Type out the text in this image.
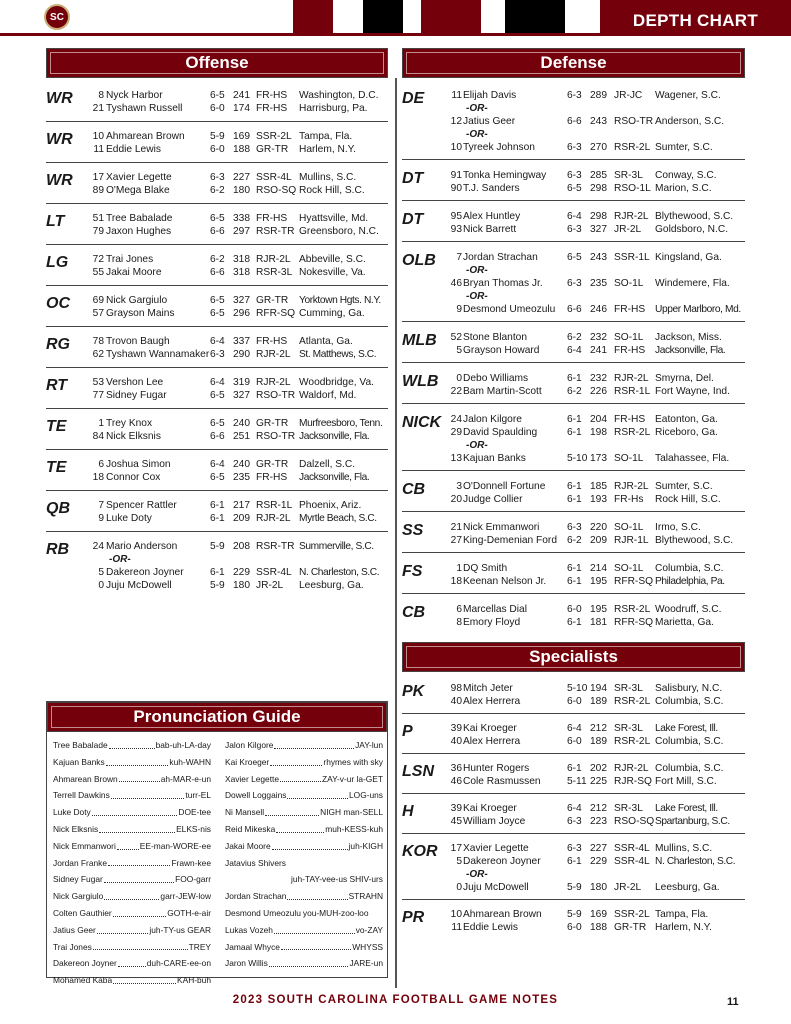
SC	DEPTH CHART
Offense	Defense
Specialists
WR	8 Nyck Harbor	6-5 241 FR-HS Washington, D.C.
21 Tyshawn Russell	6-0 174 FR-HS Harrisburg, Pa.
WR	10 Ahmarean Brown 5-9 169 SSR-2L Tampa, Fla.
11 Eddie Lewis	6-0 188 GR-TR Harlem, N.Y.
WR	17 Xavier Legette	6-3 227 SSR-4L Mullins, S.C.
89 O'Mega Blake	6-2 180 RSO-SQ Rock Hill, S.C.
LT	51 Tree Babalade	6-5 338 FR-HS Hyattsville, Md.
79 Jaxon Hughes	6-6 297 RSR-TR Greensboro, N.C.
LG	72 Trai Jones	6-2 318 RJR-2L Abbeville, S.C.
55 Jakai Moore	6-6 318 RSR-3L Nokesville, Va.
OC	69 Nick Gargiulo	6-5 327 GR-TR Yorktown Hgts. N.Y.
57 Grayson Mains	6-5 296 RFR-SQ Cumming, Ga.
RG	78 Trovon Baugh	6-4 337 FR-HS Atlanta, Ga.
62 Tyshawn Wannamaker 6-3 290 RJR-2L St. Matthews, S.C.
RT	53 Vershon Lee	6-4 319 RJR-2L Woodbridge, Va.
77 Sidney Fugar	6-5 327 RSO-TR Waldorf, Md.
TE	1 Trey Knox	6-5 240 GR-TR Murfreesboro, Tenn.
84 Nick Elksnis	6-6 251 RSO-TR Jacksonville, Fla.
TE	6 Joshua Simon	6-4 240 GR-TR Dalzell, S.C.
18 Connor Cox	6-5 235 FR-HS Jacksonville, Fla.
QB	7 Spencer Rattler	6-1 217 RSR-1L Phoenix, Ariz.
9 Luke Doty	6-1 209 RJR-2L Myrtle Beach, S.C.
RB	24 Mario Anderson	5-9 208 RSR-TR Summerville, S.C.
-OR-
5 Dakereon Joyner	6-1 229 SSR-4L N. Charleston, S.C.
0 Juju McDowell	5-9 180 JR-2L Leesburg, Ga.
DE	11 Elijah Davis	6-3 289 JR-JC Wagener, S.C.
-OR-
12 Jatius Geer	6-6 243 RSO-TR Anderson, S.C.
-OR-
10 Tyreek Johnson	6-3 270 RSR-2L Sumter, S.C.
DT	91 Tonka Hemingway 6-3 285 SR-3L Conway, S.C.
90 T.J. Sanders	6-5 298 RSO-1L Marion, S.C.
DT	95 Alex Huntley	6-4 298 RJR-2L Blythewood, S.C.
93 Nick Barrett	6-3 327 JR-2L Goldsboro, N.C.
OLB	7 Jordan Strachan	6-5 243 SSR-1L Kingsland, Ga.
-OR-
46 Bryan Thomas Jr. 6-3 235 SO-1L Windemere, Fla.
-OR-
9 Desmond Umeozulu 6-6 246 FR-HS Upper Marlboro, Md.
MLB	52 Stone Blanton	6-2 232 SO-1L Jackson, Miss.
5 Grayson Howard	6-4 241 FR-HS Jacksonville, Fla.
WLB	0 Debo Williams	6-1 232 RJR-2L Smyrna, Del.
22 Bam Martin-Scott 6-2 226 RSR-1L Fort Wayne, Ind.
NICK 24 Jalon Kilgore	6-1 204 FR-HS Eatonton, Ga.
29 David Spaulding	6-1 198 RSR-2L Riceboro, Ga.
-OR-
13 Kajuan Banks	5-10 173 SO-1L Talahassee, Fla.
CB	3 O'Donnell Fortune 6-1 185 RJR-2L Sumter, S.C.
20 Judge Collier	6-1 193 FR-Hs Rock Hill, S.C.
SS	21 Nick Emmanwori	6-3 220 SO-1L Irmo, S.C.
27 King-Demenian Ford 6-2 209 RJR-1L Blythewood, S.C.
FS	1 DQ Smith	6-1 214 SO-1L Columbia, S.C.
18 Keenan Nelson Jr. 6-1 195 RFR-SQ Philadelphia, Pa.
CB	6 Marcellas Dial	6-0 195 RSR-2L Woodruff, S.C.
8 Emory Floyd	6-1 181 RFR-SQ Marietta, Ga.
PK	98 Mitch Jeter	5-10 194 SR-3L Salisbury, N.C.
40 Alex Herrera	6-0 189 RSR-2L Columbia, S.C.
P	39 Kai Kroeger	6-4 212 SR-3L Lake Forest, Ill.
40 Alex Herrera	6-0 189 RSR-2L Columbia, S.C.
LSN	36 Hunter Rogers	6-1 202 RJR-2L Columbia, S.C.
46 Cole Rasmussen	5-11 225 RJR-SQ Fort Mill, S.C.
H	39 Kai Kroeger	6-4 212 SR-3L Lake Forest, Ill.
45 William Joyce	6-3 223 RSO-SQ Spartanburg, S.C.
KOR	17 Xavier Legette	6-3 227 SSR-4L Mullins, S.C.
5 Dakereon Joyner	6-1 229 SSR-4L N. Charleston, S.C.
-OR-
0 Juju McDowell	5-9 180 JR-2L Leesburg, Ga.
PR	10 Ahmarean Brown 5-9 169 SSR-2L Tampa, Fla.
11 Eddie Lewis	6-0 188 GR-TR Harlem, N.Y.
Pronunciation Guide
Tree Babalade	bab-uh-LA-day
Kajuan Banks	kuh-WAHN
Ahmarean Brown	ah-MAR-e-un
Terrell Dawkins	turr-EL
Luke Doty	DOE-tee
Nick Elksnis	ELKS-nis
Nick Emmanwori	EE-man-WORE-ee
Jordan Franke	Frawn-kee
Sidney Fugar	FOO-garr
Nick Gargiulo	garr-JEW-low
Colten Gauthier	GOTH-e-air
Jatius Geer	juh-TY-us GEAR
Trai Jones	TREY
Dakereon Joyner	duh-CARE-ee-on
Mohamed Kaba	KAH-buh
Jalon Kilgore	JAY-lun
Kai Kroeger	rhymes with sky
Xavier Legette	ZAY-v-ur la-GET
Dowell Loggains	LOG-uns
Ni Mansell	NIGH man-SELL
Reid Mikeska	muh-KESS-kuh
Jakai Moore	juh-KIGH
Jatavius Shivers
juh-TAY-vee-us SHIV-urs
Jordan Strachan	STRAHN
Desmond Umeozulu you-MUH-zoo-loo
Lukas Vozeh	vo-ZAY
Jamaal Whyce	WHYSS
Jaron Willis	JARE-un
2023 SOUTH CAROLINA FOOTBALL GAME NOTES	11
